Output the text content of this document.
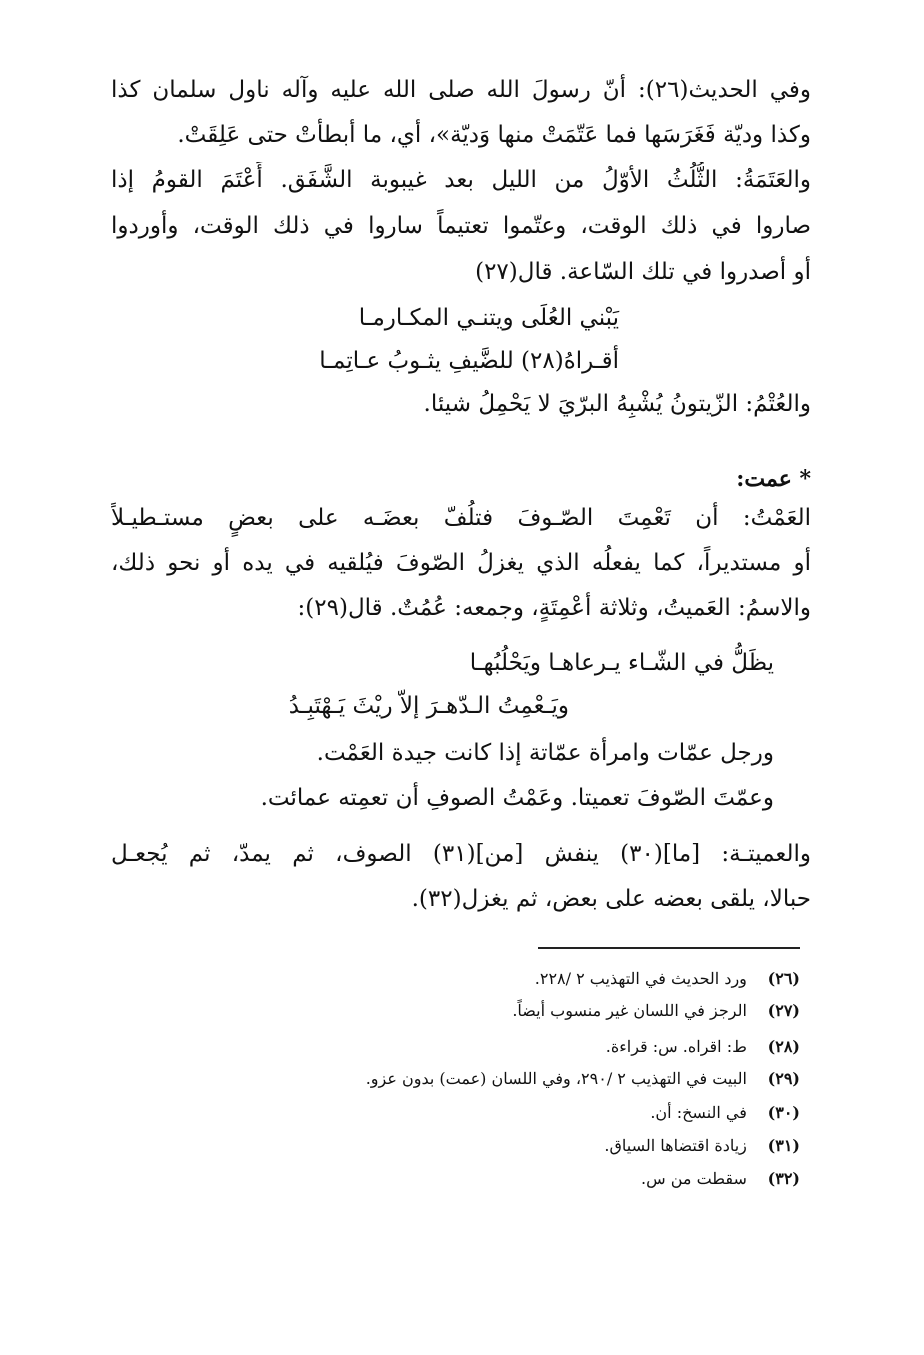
وفي الحديث(٢٦): أنّ رسولَ الله صلى الله عليه وآله ناول سلمان كذا
وكذا وديّة فَغَرَسَها فما عَتّمَتْ منها وَديّة»، أي، ما أبطأتْ حتى عَلِقَتْ.
والعَتَمَةُ: الثُّلُثُ الأوّلُ من الليل بعد غيبوبة الشَّفَق. أَعْتَمَ القومُ إذا
صاروا في ذلك الوقت، وعتّموا تعتيماً ساروا في ذلك الوقت، وأوردوا
أو أصدروا في تلك السّاعة. قال(٢٧)
يَبْني العُلَى ويتنـي المكـارمـا
أقـراهُ(٢٨) للضَّيفِ يثـوبُ عـاتِمـا
والعُتْمُ: الزّيتونُ يُشْبِهُ البرّيَ لا يَحْمِلُ شيئا.
* عمت:
العَمْتُ: أن تَعْمِتَ الصّـوفَ فتلُفّ بعضَـه على بعضٍ مستـطيـلاً
أو مستديراً، كما يفعلُه الذي يغزلُ الصّوفَ فيُلقيه في يده أو نحو ذلك،
والاسمُ: العَميتُ، وثلاثة أعْمِتَةٍ، وجمعه: عُمُتٌ. قال(٢٩):
يظَلُّ في الشّـاء يـرعاهـا ويَحْلُبُهـا
ويَـعْمِتُ الـدّهـرَ إلاّ ريْثَ يَـهْتَبِـدُ
ورجل عمّات وامرأة عمّاتة إذا كانت جيدة العَمْت.
وعمّتَ الصّوفَ تعميتا. وعَمْتُ الصوفِ أن تعمِته عمائت.
والعميتـة: [ما](٣٠) ينفش [من](٣١) الصوف، ثم يمدّ، ثم يُجعـل
حبالا، يلقى بعضه على بعض، ثم يغزل(٣٢).
(٢٦) ورد الحديث في التهذيب ٢ /٢٢٨.
(٢٧) الرجز في اللسان غير منسوب أيضاً.
(٢٨) ط: اقراه. س: قراءة.
(٢٩) البيت في التهذيب ٢ /٢٩٠، وفي اللسان (عمت) بدون عزو.
(٣٠) في النسخ: أن.
(٣١) زيادة اقتضاها السياق.
(٣٢) سقطت من س.
